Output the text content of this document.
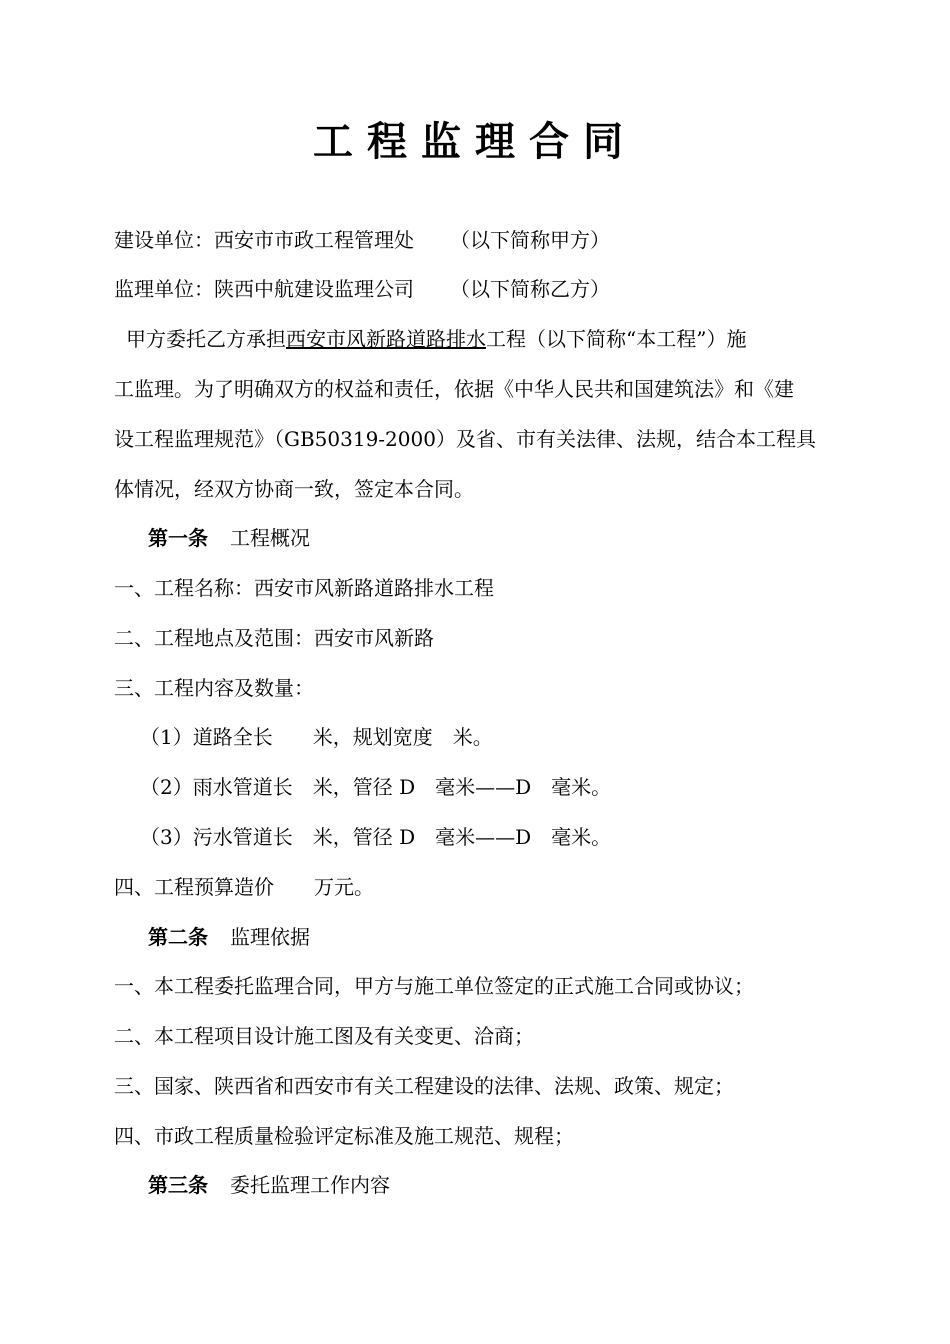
工程监理合同
建设单位：西安市市政工程管理处 （以下简称甲方）
监理单位：陕西中航建设监理公司 （以下简称乙方）
甲方委托乙方承担西安市风新路道路排水工程（以下简称“本工程”）施
工监理。为了明确双方的权益和责任，依据《中华人民共和国建筑法》和《建
设工程监理规范》（GB50319-2000）及省、市有关法律、法规，结合本工程具
体情况，经双方协商一致，签定本合同。
第一条 工程概况
一、工程名称：西安市风新路道路排水工程
二、工程地点及范围：西安市风新路
三、工程内容及数量：
（1）道路全长　　米，规划宽度　米。
（2）雨水管道长　米，管径 D　毫米——D　毫米。
（3）污水管道长　米，管径 D　毫米——D　毫米。
四、工程预算造价　　万元。
第二条 监理依据
一、本工程委托监理合同，甲方与施工单位签定的正式施工合同或协议；
二、本工程项目设计施工图及有关变更、洽商；
三、国家、陕西省和西安市有关工程建设的法律、法规、政策、规定；
四、市政工程质量检验评定标准及施工规范、规程；
第三条 委托监理工作内容
